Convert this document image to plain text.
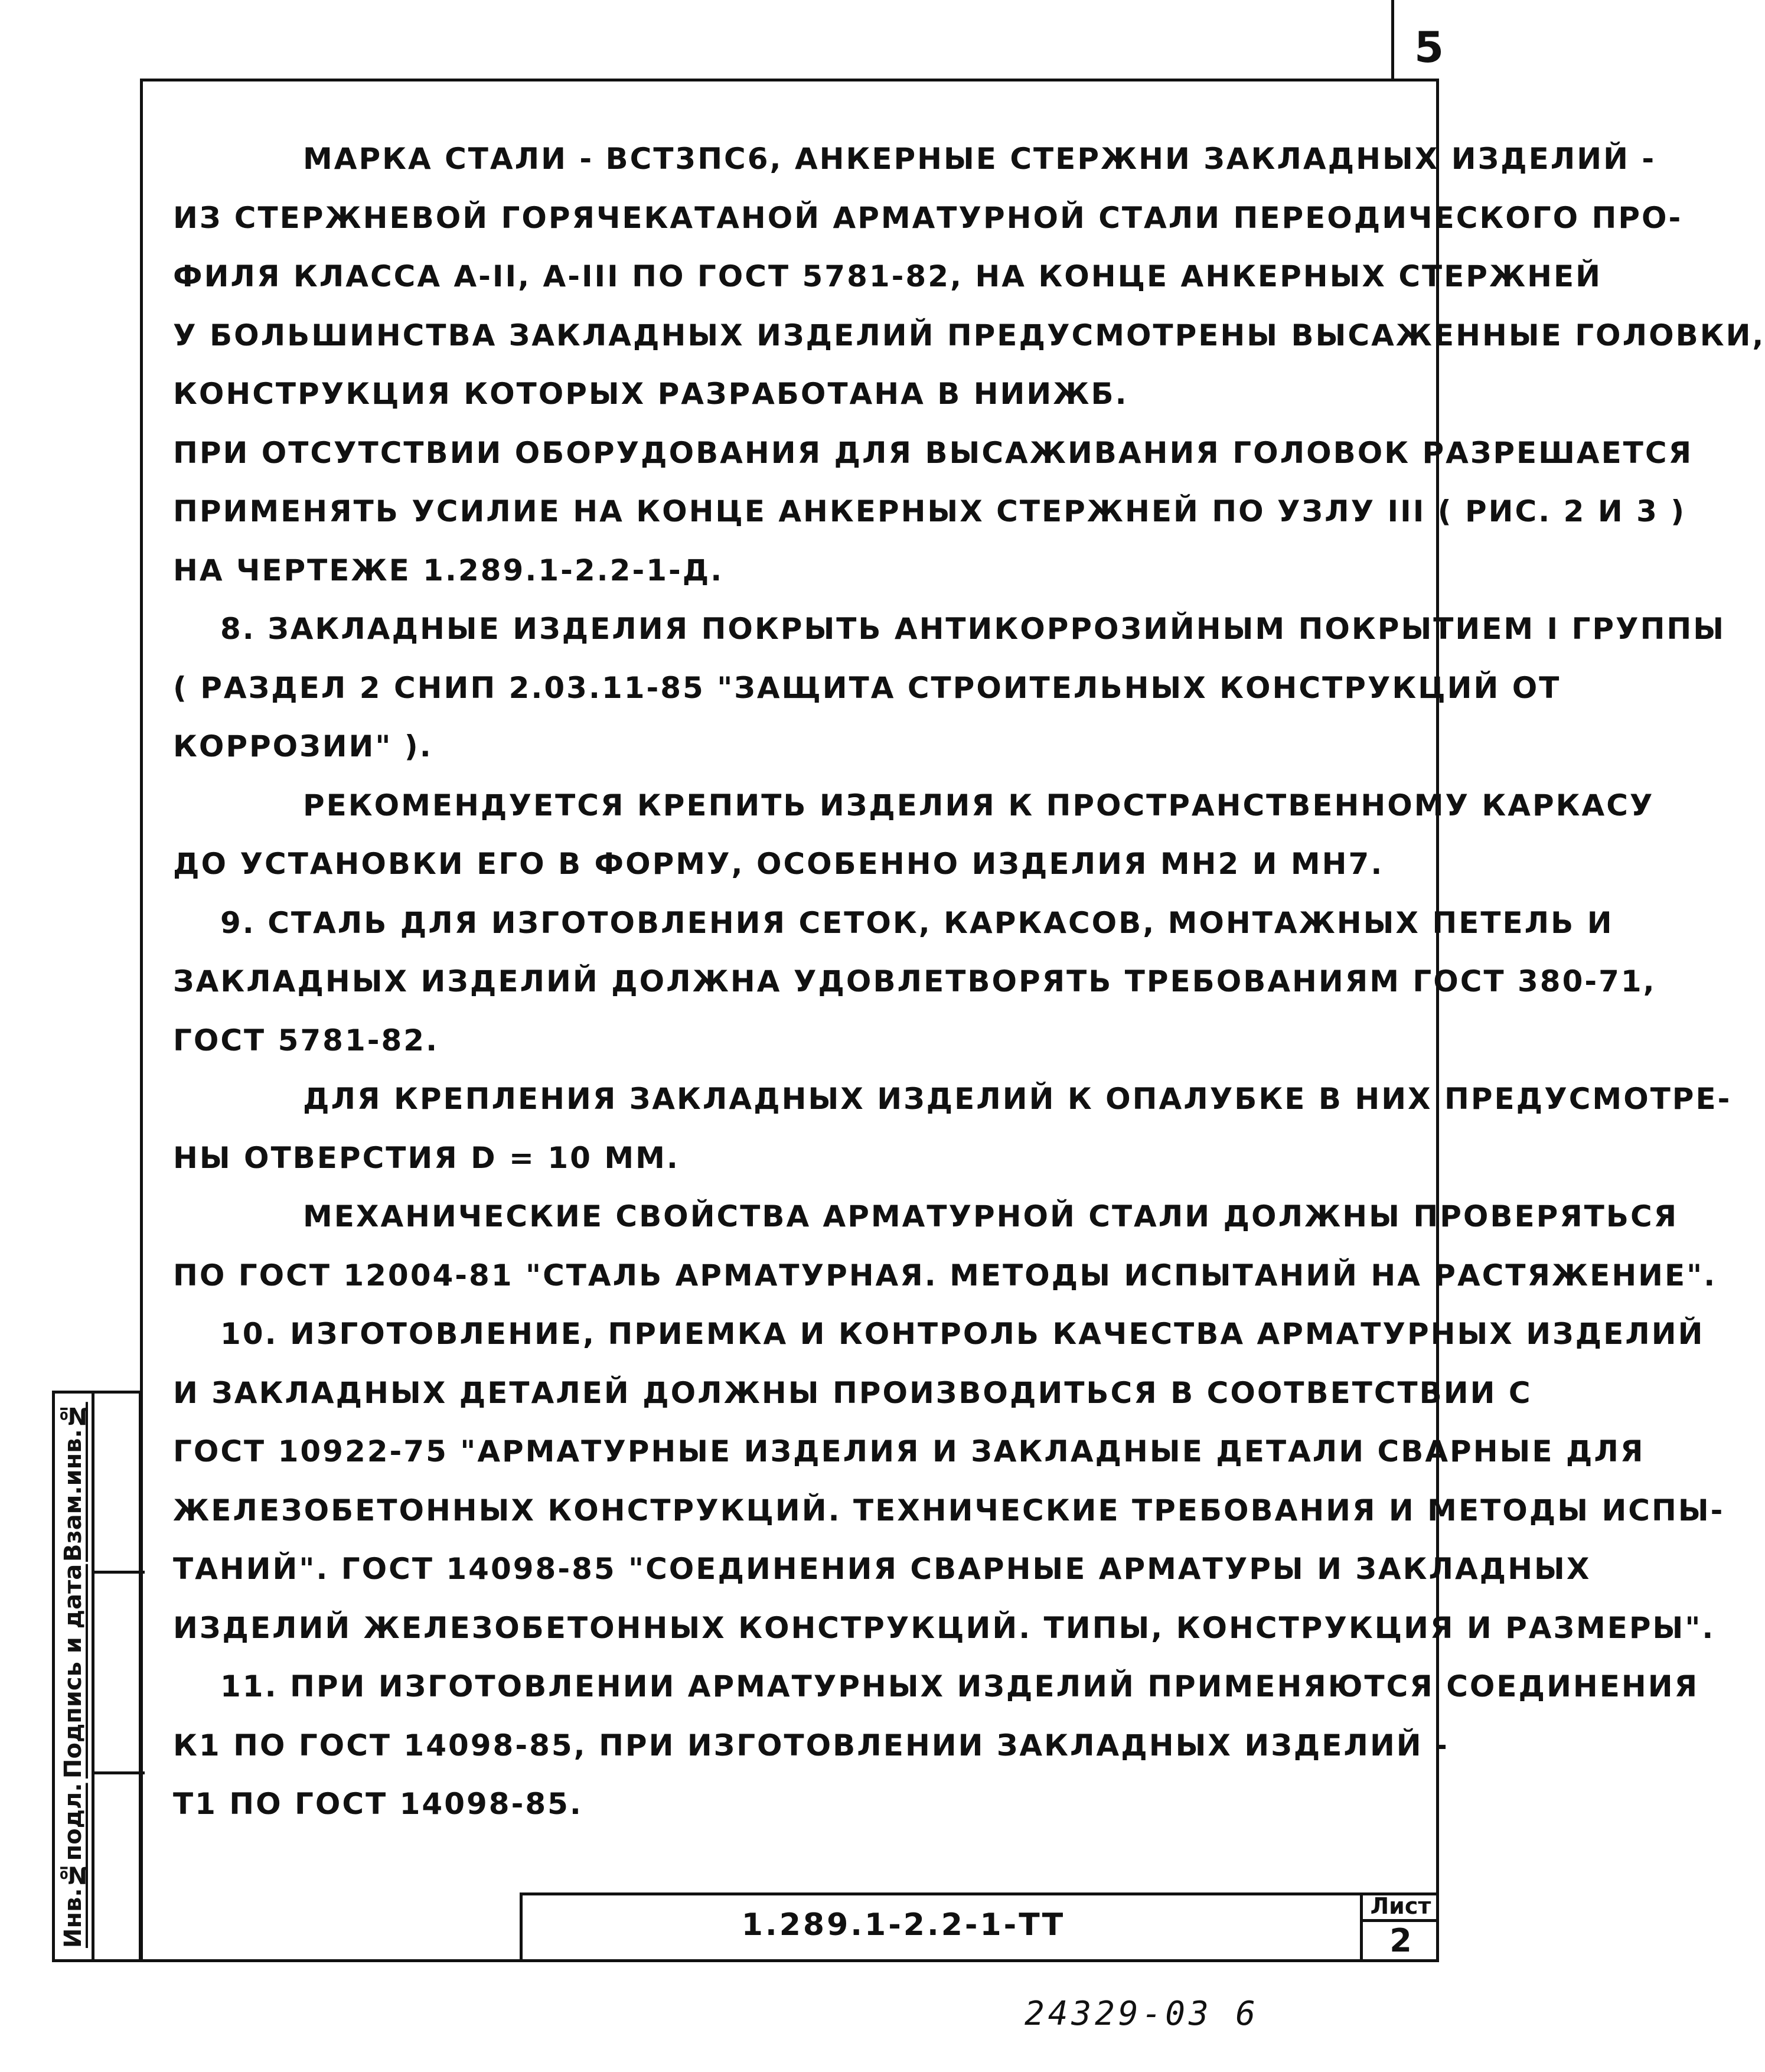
5
МАРКА СТАЛИ - ВСТ3ПС6, АНКЕРНЫЕ СТЕРЖНИ ЗАКЛАДНЫХ ИЗДЕЛИЙ -
ИЗ СТЕРЖНЕВОЙ ГОРЯЧЕКАТАНОЙ АРМАТУРНОЙ СТАЛИ ПЕРЕОДИЧЕСКОГО ПРО-
ФИЛЯ КЛАССА А-II, А-III ПО ГОСТ 5781-82, НА КОНЦЕ АНКЕРНЫХ СТЕРЖНЕЙ
У БОЛЬШИНСТВА ЗАКЛАДНЫХ ИЗДЕЛИЙ ПРЕДУСМОТРЕНЫ ВЫСАЖЕННЫЕ ГОЛОВКИ,
КОНСТРУКЦИЯ КОТОРЫХ РАЗРАБОТАНА В НИИЖБ.
ПРИ ОТСУТСТВИИ ОБОРУДОВАНИЯ ДЛЯ ВЫСАЖИВАНИЯ ГОЛОВОК РАЗРЕШАЕТСЯ
ПРИМЕНЯТЬ УСИЛИЕ НА КОНЦЕ АНКЕРНЫХ СТЕРЖНЕЙ ПО УЗЛУ III ( РИС. 2 И 3 )
НА ЧЕРТЕЖЕ 1.289.1-2.2-1-Д.
8. ЗАКЛАДНЫЕ ИЗДЕЛИЯ ПОКРЫТЬ АНТИКОРРОЗИЙНЫМ ПОКРЫТИЕМ I ГРУППЫ
( РАЗДЕЛ 2 СНИП 2.03.11-85 "ЗАЩИТА СТРОИТЕЛЬНЫХ КОНСТРУКЦИЙ ОТ
КОРРОЗИИ" ).
РЕКОМЕНДУЕТСЯ КРЕПИТЬ ИЗДЕЛИЯ К ПРОСТРАНСТВЕННОМУ КАРКАСУ
ДО УСТАНОВКИ ЕГО В ФОРМУ, ОСОБЕННО ИЗДЕЛИЯ МН2 И МН7.
9. СТАЛЬ ДЛЯ ИЗГОТОВЛЕНИЯ СЕТОК, КАРКАСОВ, МОНТАЖНЫХ ПЕТЕЛЬ И
ЗАКЛАДНЫХ ИЗДЕЛИЙ ДОЛЖНА УДОВЛЕТВОРЯТЬ ТРЕБОВАНИЯМ ГОСТ 380-71,
ГОСТ 5781-82.
ДЛЯ КРЕПЛЕНИЯ ЗАКЛАДНЫХ ИЗДЕЛИЙ К ОПАЛУБКЕ В НИХ ПРЕДУСМОТРЕ-
НЫ ОТВЕРСТИЯ D = 10 ММ.
МЕХАНИЧЕСКИЕ СВОЙСТВА АРМАТУРНОЙ СТАЛИ ДОЛЖНЫ ПРОВЕРЯТЬСЯ
ПО ГОСТ 12004-81 "СТАЛЬ АРМАТУРНАЯ. МЕТОДЫ ИСПЫТАНИЙ НА РАСТЯЖЕНИЕ".
10. ИЗГОТОВЛЕНИЕ, ПРИЕМКА И КОНТРОЛЬ КАЧЕСТВА АРМАТУРНЫХ ИЗДЕЛИЙ
И ЗАКЛАДНЫХ ДЕТАЛЕЙ ДОЛЖНЫ ПРОИЗВОДИТЬСЯ В СООТВЕТСТВИИ С
ГОСТ 10922-75 "АРМАТУРНЫЕ ИЗДЕЛИЯ И ЗАКЛАДНЫЕ ДЕТАЛИ СВАРНЫЕ ДЛЯ
ЖЕЛЕЗОБЕТОННЫХ КОНСТРУКЦИЙ. ТЕХНИЧЕСКИЕ ТРЕБОВАНИЯ И МЕТОДЫ ИСПЫ-
ТАНИЙ". ГОСТ 14098-85 "СОЕДИНЕНИЯ СВАРНЫЕ АРМАТУРЫ И ЗАКЛАДНЫХ
ИЗДЕЛИЙ ЖЕЛЕЗОБЕТОННЫХ КОНСТРУКЦИЙ. ТИПЫ, КОНСТРУКЦИЯ И РАЗМЕРЫ".
11. ПРИ ИЗГОТОВЛЕНИИ АРМАТУРНЫХ ИЗДЕЛИЙ ПРИМЕНЯЮТСЯ СОЕДИНЕНИЯ
К1 ПО ГОСТ 14098-85, ПРИ ИЗГОТОВЛЕНИИ ЗАКЛАДНЫХ ИЗДЕЛИЙ -
Т1 ПО ГОСТ 14098-85.
Взам.инв.№
Подпись и дата
Инв.№подл.	1.289.1-2.2-1-ТТ
Лист
2
24329-03 6
